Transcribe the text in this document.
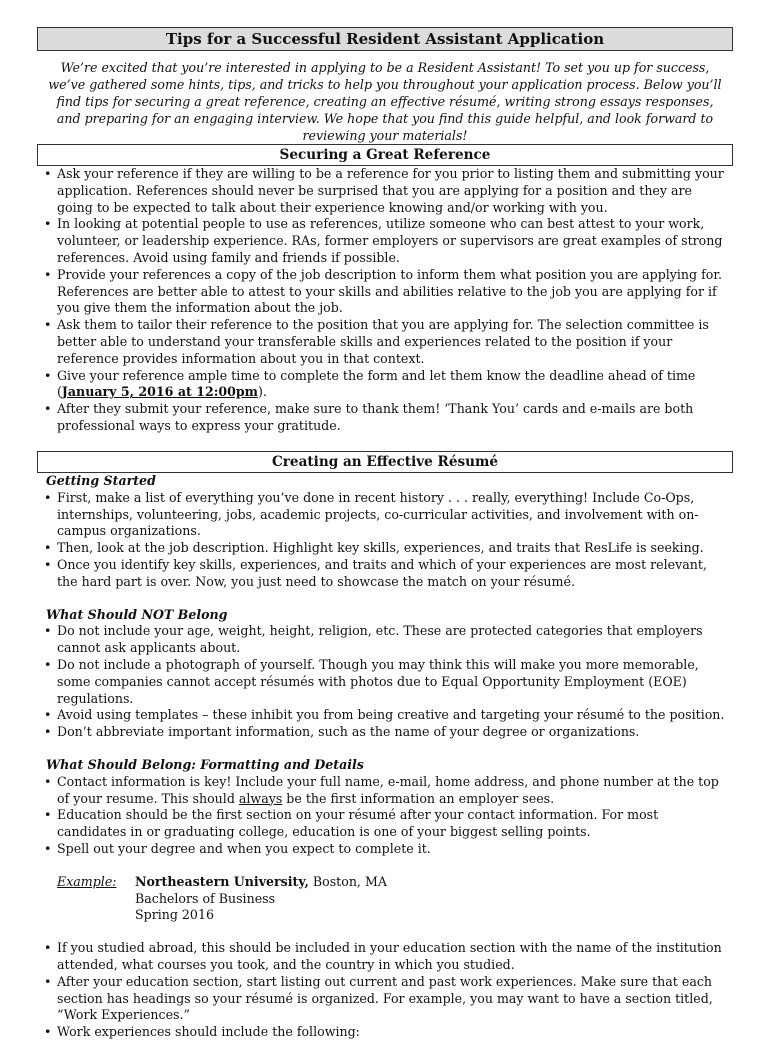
Tips for a Successful Resident Assistant Application
We’re excited that you’re interested in applying to be a Resident Assistant! To set you up for success, we’ve gathered some hints, tips, and tricks to help you throughout your application process. Below you’ll find tips for securing a great reference, creating an effective résumé, writing strong essays responses, and preparing for an engaging interview. We hope that you find this guide helpful, and look forward to reviewing your materials!
Securing a Great Reference
• Ask your reference if they are willing to be a reference for you prior to listing them and submitting your application. References should never be surprised that you are applying for a position and they are going to be expected to talk about their experience knowing and/or working with you.
• In looking at potential people to use as references, utilize someone who can best attest to your work, volunteer, or leadership experience. RAs, former employers or supervisors are great examples of strong references. Avoid using family and friends if possible.
• Provide your references a copy of the job description to inform them what position you are applying for. References are better able to attest to your skills and abilities relative to the job you are applying for if you give them the information about the job.
• Ask them to tailor their reference to the position that you are applying for. The selection committee is better able to understand your transferable skills and experiences related to the position if your reference provides information about you in that context.
• Give your reference ample time to complete the form and let them know the deadline ahead of time (January 5, 2016 at 12:00pm).
• After they submit your reference, make sure to thank them! ‘Thank You’ cards and e-mails are both professional ways to express your gratitude.
Creating an Effective Résumé
Getting Started
• First, make a list of everything you’ve done in recent history . . . really, everything! Include Co-Ops, internships, volunteering, jobs, academic projects, co-curricular activities, and involvement with on-campus organizations.
• Then, look at the job description. Highlight key skills, experiences, and traits that ResLife is seeking.
• Once you identify key skills, experiences, and traits and which of your experiences are most relevant, the hard part is over. Now, you just need to showcase the match on your résumé.
What Should NOT Belong
• Do not include your age, weight, height, religion, etc. These are protected categories that employers cannot ask applicants about.
• Do not include a photograph of yourself. Though you may think this will make you more memorable, some companies cannot accept résumés with photos due to Equal Opportunity Employment (EOE) regulations.
• Avoid using templates – these inhibit you from being creative and targeting your résumé to the position.
• Don’t abbreviate important information, such as the name of your degree or organizations.
What Should Belong: Formatting and Details
• Contact information is key! Include your full name, e-mail, home address, and phone number at the top of your resume. This should always be the first information an employer sees.
• Education should be the first section on your résumé after your contact information. For most candidates in or graduating college, education is one of your biggest selling points.
• Spell out your degree and when you expect to complete it.
Example: Northeastern University, Boston, MA
Bachelors of Business
Spring 2016
• If you studied abroad, this should be included in your education section with the name of the institution attended, what courses you took, and the country in which you studied.
• After your education section, start listing out current and past work experiences. Make sure that each section has headings so your résumé is organized. For example, you may want to have a section titled, “Work Experiences.”
• Work experiences should include the following:
